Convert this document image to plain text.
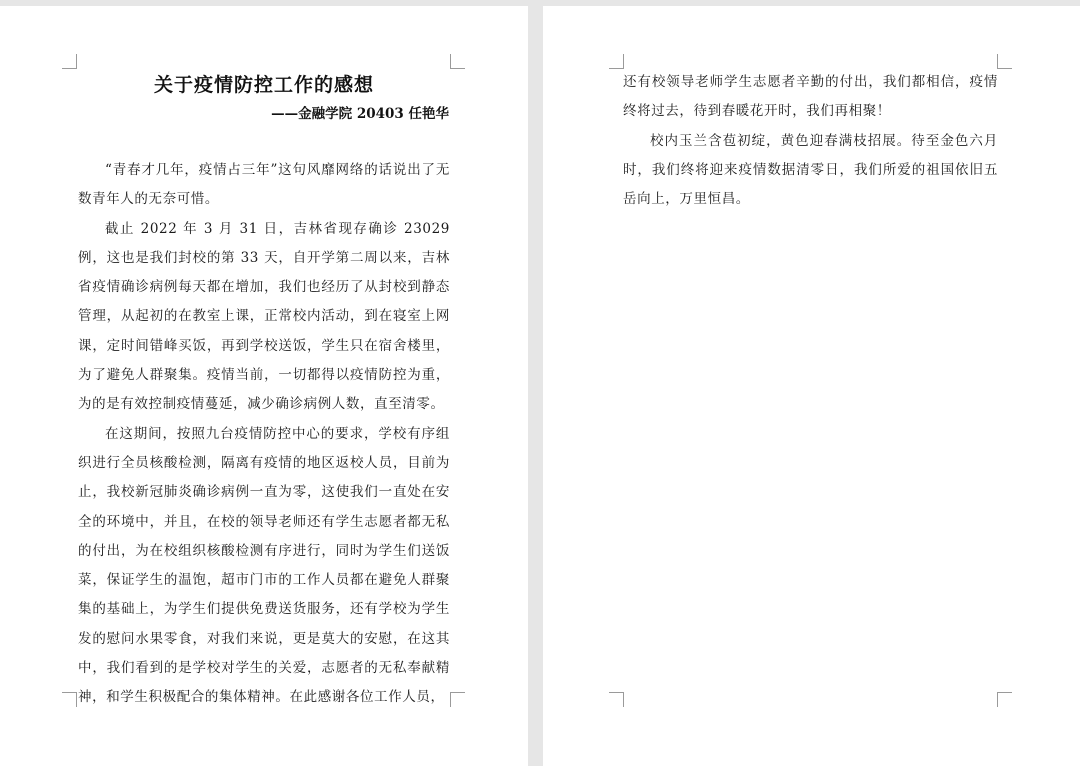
关于疫情防控工作的感想

——金融学院 20403 任艳华

“青春才几年，疫情占三年”这句风靡网络的话说出了无数青年人的无奈可惜。

截止 2022 年 3 月 31 日，吉林省现存确诊 23029 例，这也是我们封校的第 33 天，自开学第二周以来，吉林省疫情确诊病例每天都在增加，我们也经历了从封校到静态管理，从起初的在教室上课，正常校内活动，到在寝室上网课，定时间错峰买饭，再到学校送饭，学生只在宿舍楼里，为了避免人群聚集。疫情当前，一切都得以疫情防控为重，为的是有效控制疫情蔓延，减少确诊病例人数，直至清零。

在这期间，按照九台疫情防控中心的要求，学校有序组织进行全员核酸检测，隔离有疫情的地区返校人员，目前为止，我校新冠肺炎确诊病例一直为零，这使我们一直处在安全的环境中，并且，在校的领导老师还有学生志愿者都无私的付出，为在校组织核酸检测有序进行，同时为学生们送饭菜，保证学生的温饱，超市门市的工作人员都在避免人群聚集的基础上，为学生们提供免费送货服务，还有学校为学生发的慰问水果零食，对我们来说，更是莫大的安慰，在这其中，我们看到的是学校对学生的关爱，志愿者的无私奉献精神，和学生积极配合的集体精神。在此感谢各位工作人员，

还有校领导老师学生志愿者辛勤的付出，我们都相信，疫情终将过去，待到春暖花开时，我们再相聚！

校内玉兰含苞初绽，黄色迎春满枝招展。待至金色六月时，我们终将迎来疫情数据清零日，我们所爱的祖国依旧五岳向上，万里恒昌。
